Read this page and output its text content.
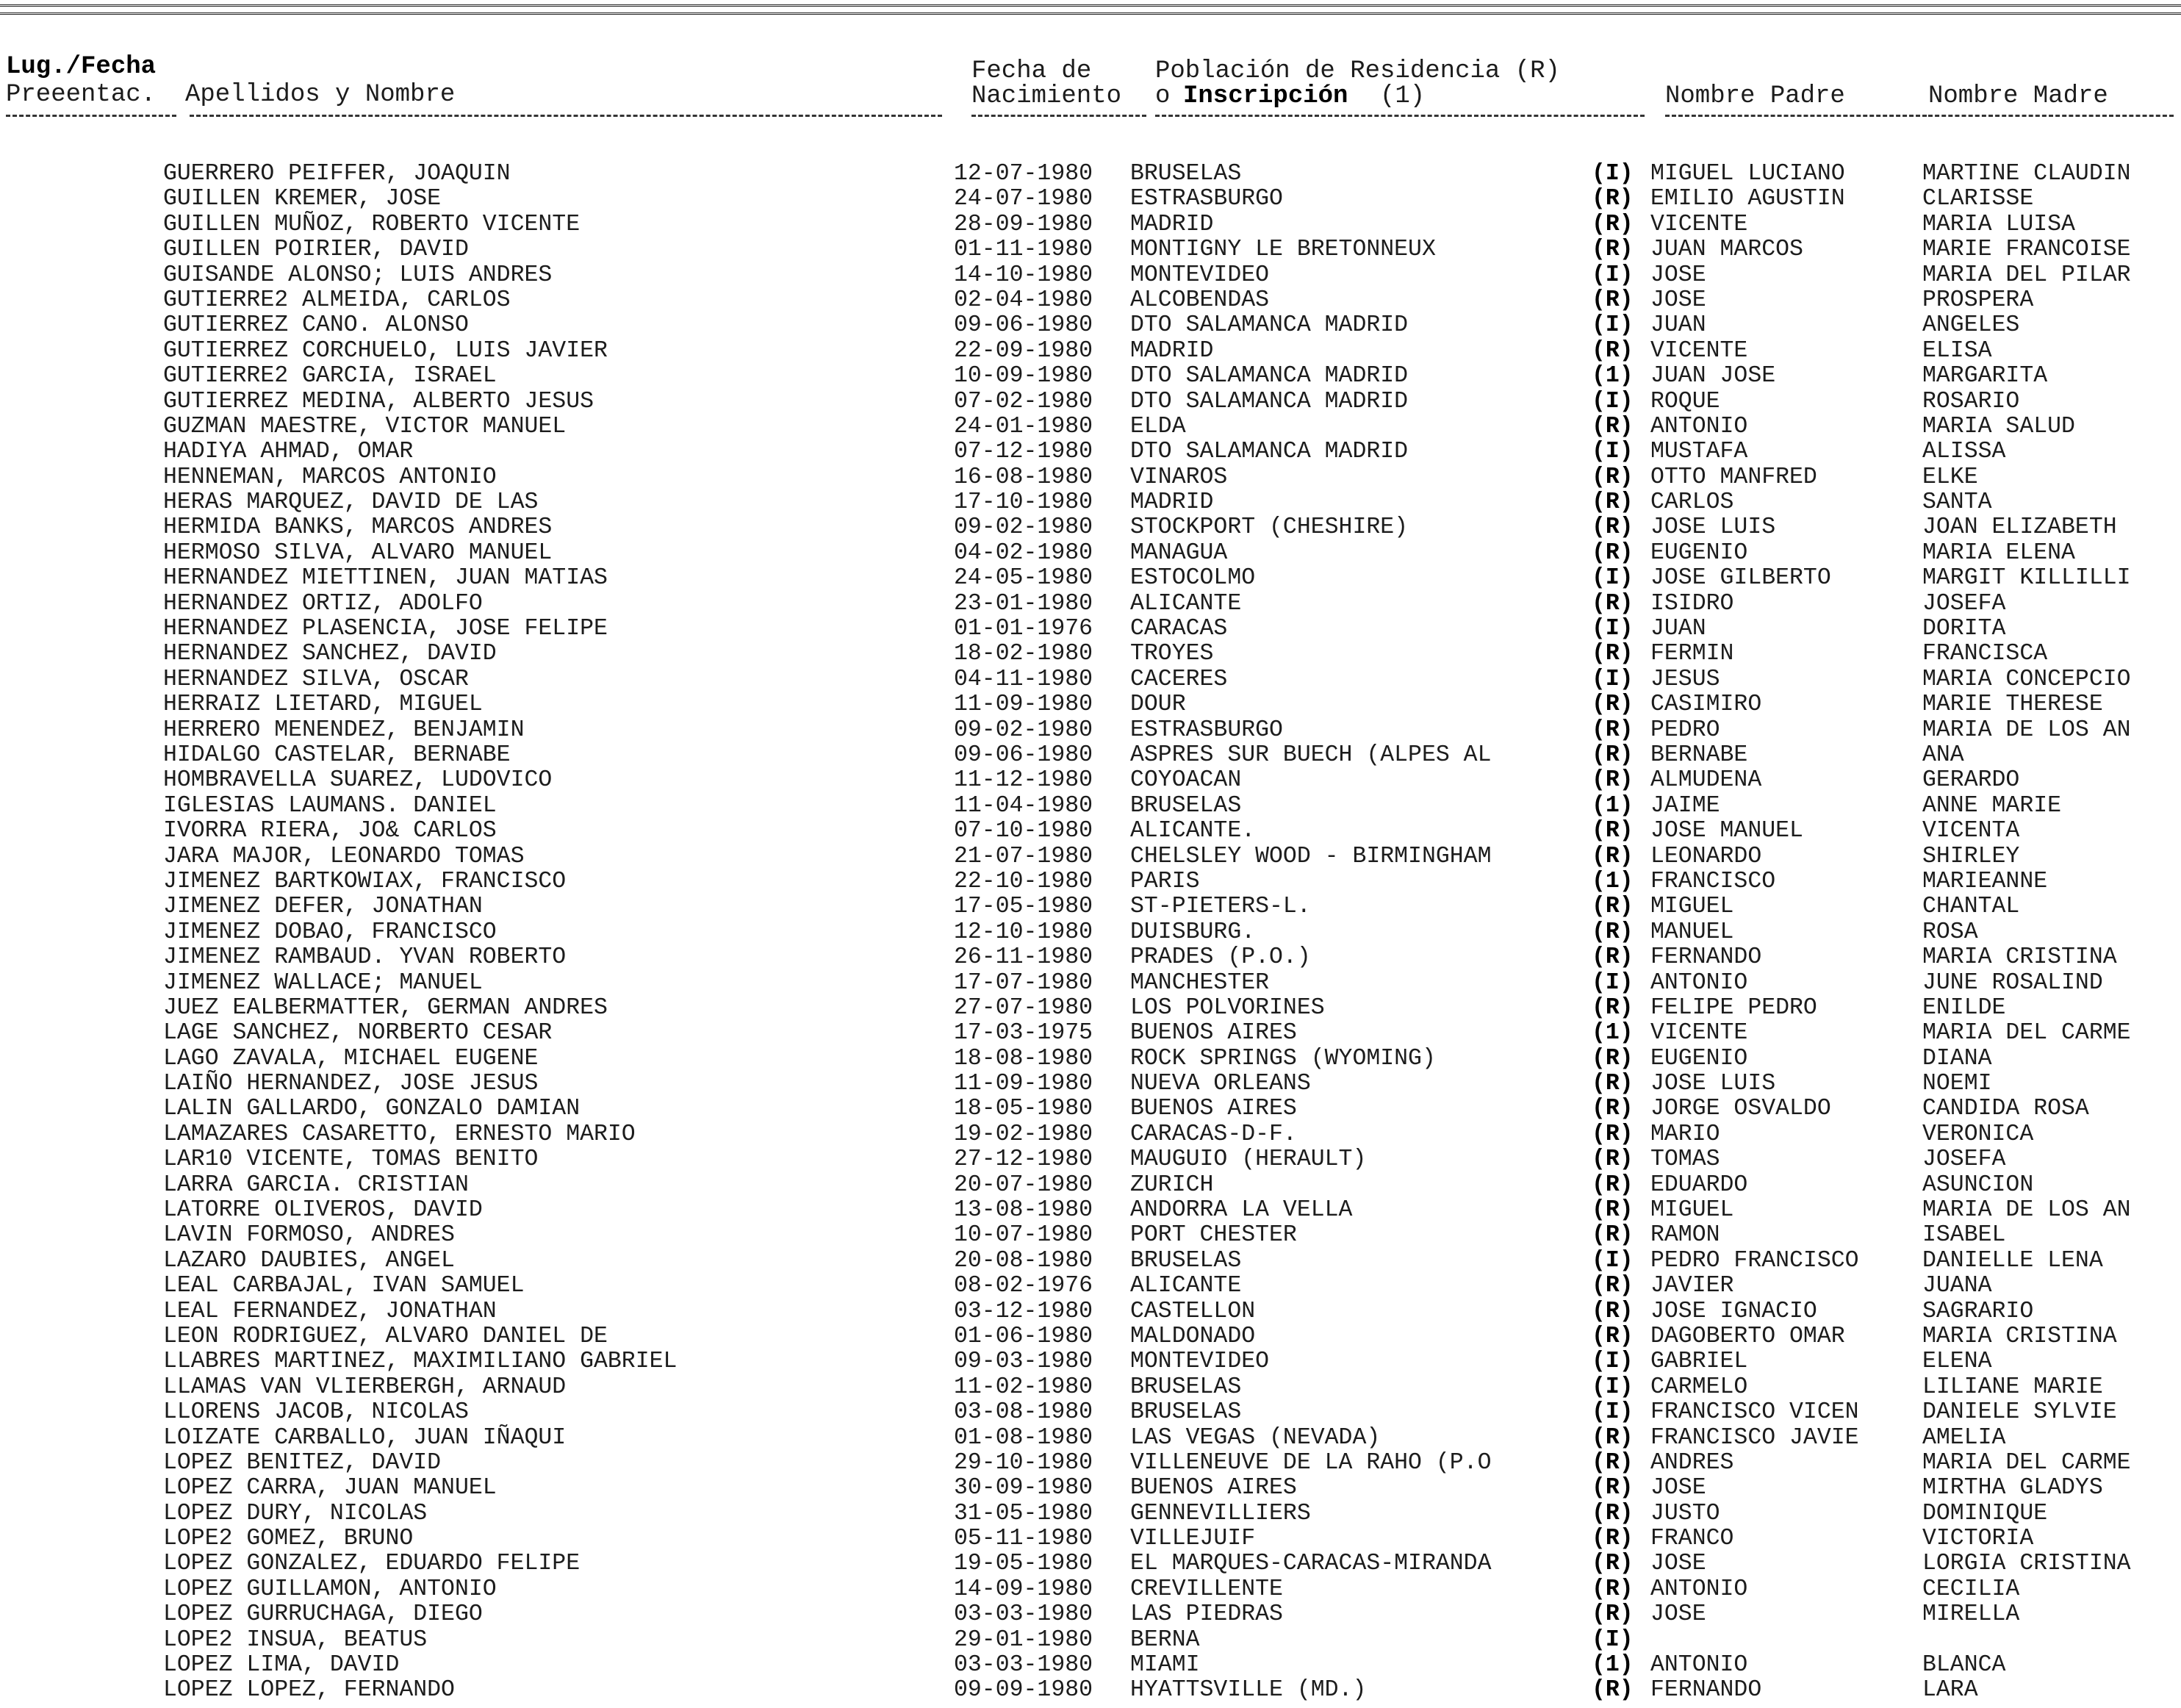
Lug./Fecha
Preeentac. Apellidos y Nombre
Fecha de
Nacimiento
Población de Residencia (R)
o Inscripción (1)	Nombre Padre	Nombre Madre
GUERRERO PEIFFER, JOAQUIN	12-07-1980 BRUSELAS	(I) MIGUEL LUCIANO	MARTINE CLAUDIN
GUILLEN KREMER, JOSE	24-07-1980 ESTRASBURGO	(R) EMILIO AGUSTIN	CLARISSE
GUILLEN MUÑOZ, ROBERTO VICENTE	28-09-1980 MADRID	(R) VICENTE	MARIA LUISA
GUILLEN POIRIER, DAVID	01-11-1980 MONTIGNY LE BRETONNEUX	(R) JUAN MARCOS	MARIE FRANCOISE
GUISANDE ALONSO; LUIS ANDRES	14-10-1980 MONTEVIDEO	(I) JOSE	MARIA DEL PILAR
GUTIERRE2 ALMEIDA, CARLOS	02-04-1980 ALCOBENDAS	(R) JOSE	PROSPERA
GUTIERREZ CANO. ALONSO	09-06-1980 DTO SALAMANCA MADRID	(I) JUAN	ANGELES
GUTIERREZ CORCHUELO, LUIS JAVIER	22-09-1980 MADRID	(R) VICENTE	ELISA
GUTIERRE2 GARCIA, ISRAEL	10-09-1980 DTO SALAMANCA MADRID	(1) JUAN JOSE	MARGARITA
GUTIERREZ MEDINA, ALBERTO JESUS	07-02-1980 DTO SALAMANCA MADRID	(I) ROQUE	ROSARIO
GUZMAN MAESTRE, VICTOR MANUEL	24-01-1980 ELDA	(R) ANTONIO	MARIA SALUD
HADIYA AHMAD, OMAR	07-12-1980 DTO SALAMANCA MADRID	(I) MUSTAFA	ALISSA
HENNEMAN, MARCOS ANTONIO	16-08-1980 VINAROS	(R) OTTO MANFRED	ELKE
HERAS MARQUEZ, DAVID DE LAS	17-10-1980 MADRID	(R) CARLOS	SANTA
HERMIDA BANKS, MARCOS ANDRES	09-02-1980 STOCKPORT (CHESHIRE)	(R) JOSE LUIS	JOAN ELIZABETH
HERMOSO SILVA, ALVARO MANUEL	04-02-1980 MANAGUA	(R) EUGENIO	MARIA ELENA
HERNANDEZ MIETTINEN, JUAN MATIAS	24-05-1980 ESTOCOLMO	(I) JOSE GILBERTO	MARGIT KILLILLI
HERNANDEZ ORTIZ, ADOLFO	23-01-1980 ALICANTE	(R) ISIDRO	JOSEFA
HERNANDEZ PLASENCIA, JOSE FELIPE	01-01-1976 CARACAS	(I) JUAN	DORITA
HERNANDEZ SANCHEZ, DAVID	18-02-1980 TROYES	(R) FERMIN	FRANCISCA
HERNANDEZ SILVA, OSCAR	04-11-1980 CACERES	(I) JESUS	MARIA CONCEPCIO
HERRAIZ LIETARD, MIGUEL	11-09-1980 DOUR	(R) CASIMIRO	MARIE THERESE
HERRERO MENENDEZ, BENJAMIN	09-02-1980 ESTRASBURGO	(R) PEDRO	MARIA DE LOS AN
HIDALGO CASTELAR, BERNABE	09-06-1980 ASPRES SUR BUECH (ALPES AL	(R) BERNABE	ANA
HOMBRAVELLA SUAREZ, LUDOVICO	11-12-1980 COYOACAN	(R) ALMUDENA	GERARDO
IGLESIAS LAUMANS. DANIEL	11-04-1980 BRUSELAS	(1) JAIME	ANNE MARIE
IVORRA RIERA, JO& CARLOS	07-10-1980 ALICANTE.	(R) JOSE MANUEL	VICENTA
JARA MAJOR, LEONARDO TOMAS	21-07-1980 CHELSLEY WOOD - BIRMINGHAM	(R) LEONARDO	SHIRLEY
JIMENEZ BARTKOWIAX, FRANCISCO	22-10-1980 PARIS	(1) FRANCISCO	MARIEANNE
JIMENEZ DEFER, JONATHAN	17-05-1980 ST-PIETERS-L.	(R) MIGUEL	CHANTAL
JIMENEZ DOBAO, FRANCISCO	12-10-1980 DUISBURG.	(R) MANUEL	ROSA
JIMENEZ RAMBAUD. YVAN ROBERTO	26-11-1980 PRADES (P.O.)	(R) FERNANDO	MARIA CRISTINA
JIMENEZ WALLACE; MANUEL	17-07-1980 MANCHESTER	(I) ANTONIO	JUNE ROSALIND
JUEZ EALBERMATTER, GERMAN ANDRES	27-07-1980 LOS POLVORINES	(R) FELIPE PEDRO	ENILDE
LAGE SANCHEZ, NORBERTO CESAR	17-03-1975 BUENOS AIRES	(1) VICENTE	MARIA DEL CARME
LAGO ZAVALA, MICHAEL EUGENE	18-08-1980 ROCK SPRINGS (WYOMING)	(R) EUGENIO	DIANA
LAIÑO HERNANDEZ, JOSE JESUS	11-09-1980 NUEVA ORLEANS	(R) JOSE LUIS	NOEMI
LALIN GALLARDO, GONZALO DAMIAN	18-05-1980 BUENOS AIRES	(R) JORGE OSVALDO	CANDIDA ROSA
LAMAZARES CASARETTO, ERNESTO MARIO	19-02-1980 CARACAS-D-F.	(R) MARIO	VERONICA
LAR10 VICENTE, TOMAS BENITO	27-12-1980 MAUGUIO (HERAULT)	(R) TOMAS	JOSEFA
LARRA GARCIA. CRISTIAN	20-07-1980 ZURICH	(R) EDUARDO	ASUNCION
LATORRE OLIVEROS, DAVID	13-08-1980 ANDORRA LA VELLA	(R) MIGUEL	MARIA DE LOS AN
LAVIN FORMOSO, ANDRES	10-07-1980 PORT CHESTER	(R) RAMON	ISABEL
LAZARO DAUBIES, ANGEL	20-08-1980 BRUSELAS	(I) PEDRO FRANCISCO	DANIELLE LENA
LEAL CARBAJAL, IVAN SAMUEL	08-02-1976 ALICANTE	(R) JAVIER	JUANA
LEAL FERNANDEZ, JONATHAN	03-12-1980 CASTELLON	(R) JOSE IGNACIO	SAGRARIO
LEON RODRIGUEZ, ALVARO DANIEL DE	01-06-1980 MALDONADO	(R) DAGOBERTO OMAR	MARIA CRISTINA
LLABRES MARTINEZ, MAXIMILIANO GABRIEL	09-03-1980 MONTEVIDEO	(I) GABRIEL	ELENA
LLAMAS VAN VLIERBERGH, ARNAUD	11-02-1980 BRUSELAS	(I) CARMELO	LILIANE MARIE
LLORENS JACOB, NICOLAS	03-08-1980 BRUSELAS	(I) FRANCISCO VICEN	DANIELE SYLVIE
LOIZATE CARBALLO, JUAN IÑAQUI	01-08-1980 LAS VEGAS (NEVADA)	(R) FRANCISCO JAVIE	AMELIA
LOPEZ BENITEZ, DAVID	29-10-1980 VILLENEUVE DE LA RAHO (P.O	(R) ANDRES	MARIA DEL CARME
LOPEZ CARRA, JUAN MANUEL	30-09-1980 BUENOS AIRES	(R) JOSE	MIRTHA GLADYS
LOPEZ DURY, NICOLAS	31-05-1980 GENNEVILLIERS	(R) JUSTO	DOMINIQUE
LOPE2 GOMEZ, BRUNO	05-11-1980 VILLEJUIF	(R) FRANCO	VICTORIA
LOPEZ GONZALEZ, EDUARDO FELIPE	19-05-1980 EL MARQUES-CARACAS-MIRANDA	(R) JOSE	LORGIA CRISTINA
LOPEZ GUILLAMON, ANTONIO	14-09-1980 CREVILLENTE	(R) ANTONIO	CECILIA
LOPEZ GURRUCHAGA, DIEGO	03-03-1980 LAS PIEDRAS	(R) JOSE	MIRELLA
LOPE2 INSUA, BEATUS	29-01-1980 BERNA	(I)
LOPEZ LIMA, DAVID	03-03-1980 MIAMI	(1) ANTONIO	BLANCA
LOPEZ LOPEZ, FERNANDO	09-09-1980 HYATTSVILLE (MD.)	(R) FERNANDO	LARA
